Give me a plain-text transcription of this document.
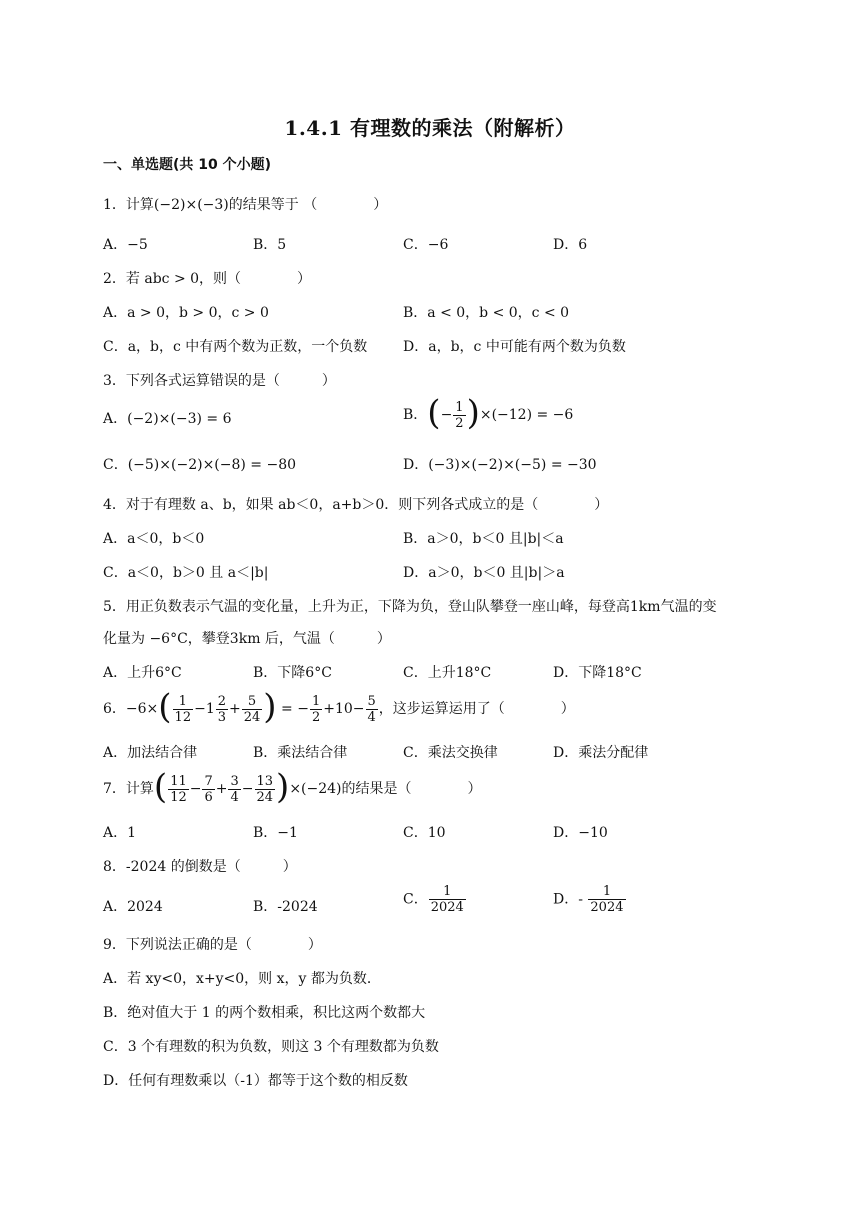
1.4.1 有理数的乘法（附解析）
一、单选题(共 10 个小题)
1．计算(−2)×(−3)的结果等于 （　　　　）
A．−5	B．5	C．−6	D．6
2．若 abc > 0，则（　　　　）
A．a > 0，b > 0，c > 0	B．a < 0，b < 0，c < 0
C．a，b，c 中有两个数为正数，一个负数	D．a，b，c 中可能有两个数为负数
3．下列各式运算错误的是（　　　）
A．(−2)×(−3) = 6	B．(− $\frac{1}{2} )\times(-12) = -6$
C．(−5)×(−2)×(−8) = −80	D．(−3)×(−2)×(−5) = −30
4．对于有理数 a、b，如果 ab＜0，a+b＞0．则下列各式成立的是（　　　　）
A．a＜0，b＜0	B．a＞0，b＜0 且|b|＜a
C．a＜0，b＞0 且 a＜|b|	D．a＞0，b＜0 且|b|＞a
5．用正负数表示气温的变化量，上升为正，下降为负，登山队攀登一座山峰，每登高1km气温的变
化量为 −6°C，攀登3km 后，气温（　　　）
A．上升6°C	B．下降6°C	C．上升18°C	D．下降18°C
6．$-6\times( \frac{1}{12} -1 \frac{2}{3} + \frac{5}{24}$ ) = − $\frac{1}{2} +10- \frac{5}{4}$ ，这步运算运用了（　　　　）
A．加法结合律	B．乘法结合律	C．乘法交换律	D．乘法分配律
7．计算( $\frac{11}{12} - \frac{7}{6} + \frac{3}{4} - \frac{13}{24} )\times(-24)$的结果是（　　　　）
A．1	B．−1	C．10	D．−10
8．-2024 的倒数是（　　　）
A．2024	B．-2024	C． $\frac{1}{2024}$	D．- $\frac{1}{2024}$
9．下列说法正确的是（　　　　）
A．若 xy<0，x+y<0，则 x，y 都为负数．
B．绝对值大于 1 的两个数相乘，积比这两个数都大
C．3 个有理数的积为负数，则这 3 个有理数都为负数
D．任何有理数乘以（-1）都等于这个数的相反数
